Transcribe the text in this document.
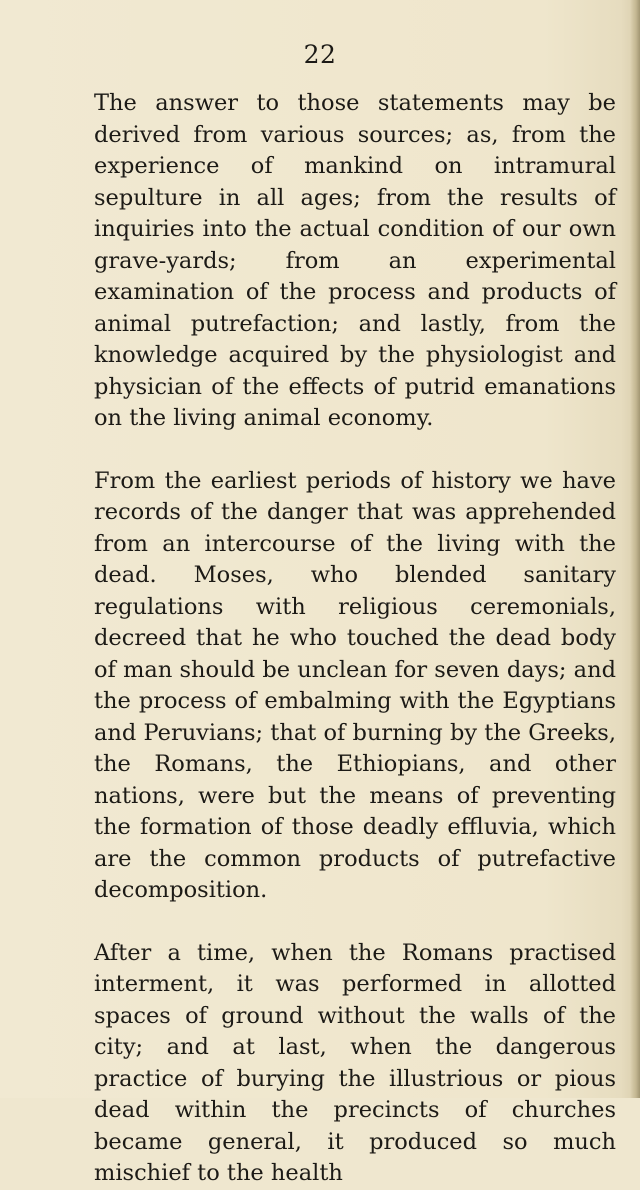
22

The answer to those statements may be derived from various sources; as, from the experience of mankind on intramural sepulture in all ages; from the results of inquiries into the actual condition of our own grave-yards; from an experimental examination of the process and products of animal putrefaction; and lastly, from the knowledge acquired by the physiologist and physician of the effects of putrid emanations on the living animal economy.

From the earliest periods of history we have records of the danger that was apprehended from an intercourse of the living with the dead. Moses, who blended sanitary regulations with religious ceremonials, decreed that he who touched the dead body of man should be unclean for seven days; and the process of embalming with the Egyptians and Peruvians; that of burning by the Greeks, the Romans, the Ethiopians, and other nations, were but the means of preventing the formation of those deadly effluvia, which are the common products of putrefactive decomposition.

After a time, when the Romans practised interment, it was performed in allotted spaces of ground without the walls of the city; and at last, when the dangerous practice of burying the illustrious or pious dead within the precincts of churches became general, it produced so much mischief to the health
